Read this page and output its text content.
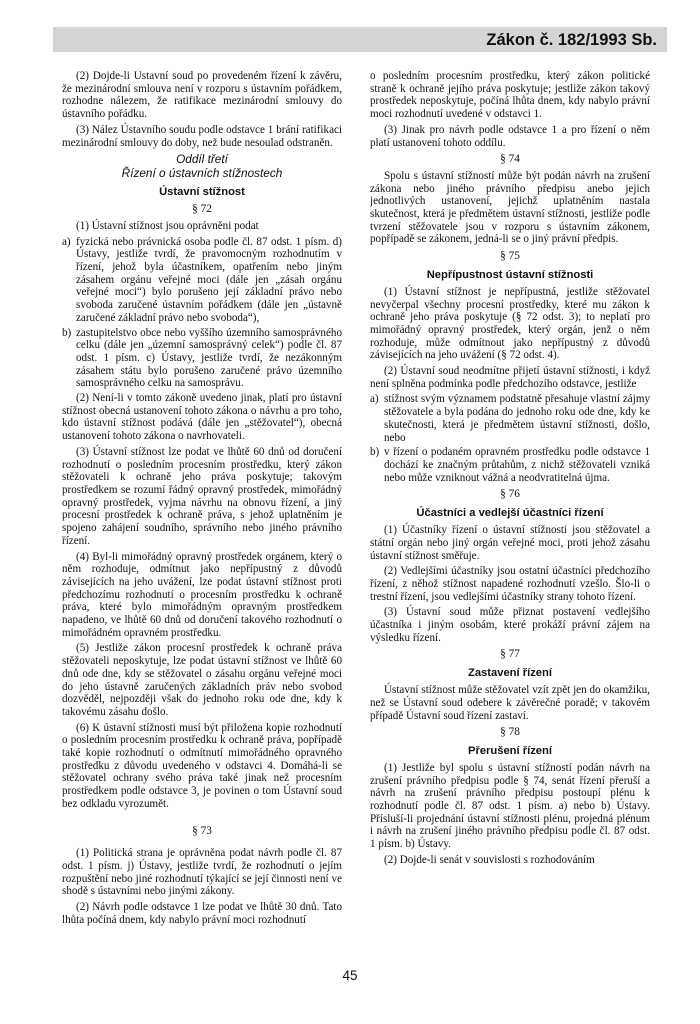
Zákon č. 182/1993 Sb.

(2) Dojde-li Ústavní soud po provedeném řízení k závěru, že mezinárodní smlouva není v rozporu s ústavním pořádkem, rozhodne nálezem, že ratifikace mezinárodní smlouvy do ústavního pořádku.

(3) Nález Ústavního soudu podle odstavce 1 brání ratifikaci mezinárodní smlouvy do doby, než bude nesoulad odstraněn.

Oddíl třetí
Řízení o ústavních stížnostech
Ústavní stížnost
§ 72

(1) Ústavní stížnost jsou oprávněni podat

a) fyzická nebo právnická osoba podle čl. 87 odst. 1 písm. d) Ústavy, jestliže tvrdí, že pravomocným rozhodnutím v řízení, jehož byla účastníkem, opatřením nebo jiným zásahem orgánu veřejné moci (dále jen „zásah orgánu veřejné moci“) bylo porušeno její základní právo nebo svoboda zaručené ústavním pořádkem (dále jen „ústavně zaručené základní právo nebo svoboda“),
b) zastupitelstvo obce nebo vyššího územního samosprávného celku (dále jen „územní samosprávný celek“) podle čl. 87 odst. 1 písm. c) Ústavy, jestliže tvrdí, že nezákonným zásahem státu bylo porušeno zaručené právo územního samosprávného celku na samosprávu.

(2) Není-li v tomto zákoně uvedeno jinak, platí pro ústavní stížnost obecná ustanovení tohoto zákona o návrhu a pro toho, kdo ústavní stížnost podává (dále jen „stěžovatel“), obecná ustanovení tohoto zákona o navrhovateli.

(3) Ústavní stížnost lze podat ve lhůtě 60 dnů od doručení rozhodnutí o posledním procesním prostředku, který zákon stěžovateli k ochraně jeho práva poskytuje; takovým prostředkem se rozumí řádný opravný prostředek, mimořádný opravný prostředek, vyjma návrhu na obnovu řízení, a jiný procesní prostředek k ochraně práva, s jehož uplatněním je spojeno zahájení soudního, správního nebo jiného právního řízení.

(4) Byl-li mimořádný opravný prostředek orgánem, který o něm rozhoduje, odmítnut jako nepřípustný z důvodů závisejících na jeho uvážení, lze podat ústavní stížnost proti předchozímu rozhodnutí o procesním prostředku k ochraně práva, které bylo mimořádným opravným prostředkem napadeno, ve lhůtě 60 dnů od doručení takového rozhodnutí o mimořádném opravném prostředku.

(5) Jestliže zákon procesní prostředek k ochraně práva stěžovateli neposkytuje, lze podat ústavní stížnost ve lhůtě 60 dnů ode dne, kdy se stěžovatel o zásahu orgánu veřejné moci do jeho ústavně zaručených základních práv nebo svobod dozvěděl, nejpozději však do jednoho roku ode dne, kdy k takovému zásahu došlo.

(6) K ústavní stížnosti musí být přiložena kopie rozhodnutí o posledním procesním prostředku k ochraně práva, popřípadě také kopie rozhodnutí o odmítnutí mimořádného opravného prostředku z důvodu uvedeného v odstavci 4. Domáhá-li se stěžovatel ochrany svého práva také jinak než procesním prostředkem podle odstavce 3, je povinen o tom Ústavní soud bez odkladu vyrozumět.

§ 73

(1) Politická strana je oprávněna podat návrh podle čl. 87 odst. 1 písm. j) Ústavy, jestliže tvrdí, že rozhodnutí o jejím rozpuštění nebo jiné rozhodnutí týkající se její činnosti není ve shodě s ústavními nebo jinými zákony.

(2) Návrh podle odstavce 1 lze podat ve lhůtě 30 dnů. Tato lhůta počíná dnem, kdy nabylo právní moci rozhodnutí

o posledním procesním prostředku, který zákon politické straně k ochraně jejího práva poskytuje; jestliže zákon takový prostředek neposkytuje, počíná lhůta dnem, kdy nabylo právní moci rozhodnutí uvedené v odstavci 1.

(3) Jinak pro návrh podle odstavce 1 a pro řízení o něm platí ustanovení tohoto oddílu.

§ 74

Spolu s ústavní stížností může být podán návrh na zrušení zákona nebo jiného právního předpisu anebo jejich jednotlivých ustanovení, jejichž uplatněním nastala skutečnost, která je předmětem ústavní stížnosti, jestliže podle tvrzení stěžovatele jsou v rozporu s ústavním zákonem, popřípadě se zákonem, jedná-li se o jiný právní předpis.

§ 75
Nepřípustnost ústavní stížnosti

(1) Ústavní stížnost je nepřípustná, jestliže stěžovatel nevyčerpal všechny procesní prostředky, které mu zákon k ochraně jeho práva poskytuje (§ 72 odst. 3); to neplatí pro mimořádný opravný prostředek, který orgán, jenž o něm rozhoduje, může odmítnout jako nepřípustný z důvodů závisejících na jeho uvážení (§ 72 odst. 4).

(2) Ústavní soud neodmítne přijetí ústavní stížnosti, i když není splněna podmínka podle předchozího odstavce, jestliže

a) stížnost svým významem podstatně přesahuje vlastní zájmy stěžovatele a byla podána do jednoho roku ode dne, kdy ke skutečnosti, která je předmětem ústavní stížnosti, došlo, nebo
b) v řízení o podaném opravném prostředku podle odstavce 1 dochází ke značným průtahům, z nichž stěžovateli vzniká nebo může vzniknout vážná a neodvratitelná újma.
§ 76
Účastníci a vedlejší účastníci řízení

(1) Účastníky řízení o ústavní stížnosti jsou stěžovatel a státní orgán nebo jiný orgán veřejné moci, proti jehož zásahu ústavní stížnost směřuje.

(2) Vedlejšími účastníky jsou ostatní účastníci předchozího řízení, z něhož stížnost napadené rozhodnutí vzešlo. Šlo-li o trestní řízení, jsou vedlejšími účastníky strany tohoto řízení.

(3) Ústavní soud může přiznat postavení vedlejšího účastníka i jiným osobám, které prokáží právní zájem na výsledku řízení.

§ 77
Zastavení řízení

Ústavní stížnost může stěžovatel vzít zpět jen do okamžiku, než se Ústavní soud odebere k závěrečné poradě; v takovém případě Ústavní soud řízení zastaví.

§ 78
Přerušení řízení

(1) Jestliže byl spolu s ústavní stížností podán návrh na zrušení právního předpisu podle § 74, senát řízení přeruší a návrh na zrušení právního předpisu postoupí plénu k rozhodnutí podle čl. 87 odst. 1 písm. a) nebo b) Ústavy. Přísluší-li projednání ústavní stížnosti plénu, projedná plénum i návrh na zrušení jiného právního předpisu podle čl. 87 odst. 1 písm. b) Ústavy.

(2) Dojde-li senát v souvislosti s rozhodováním

45
